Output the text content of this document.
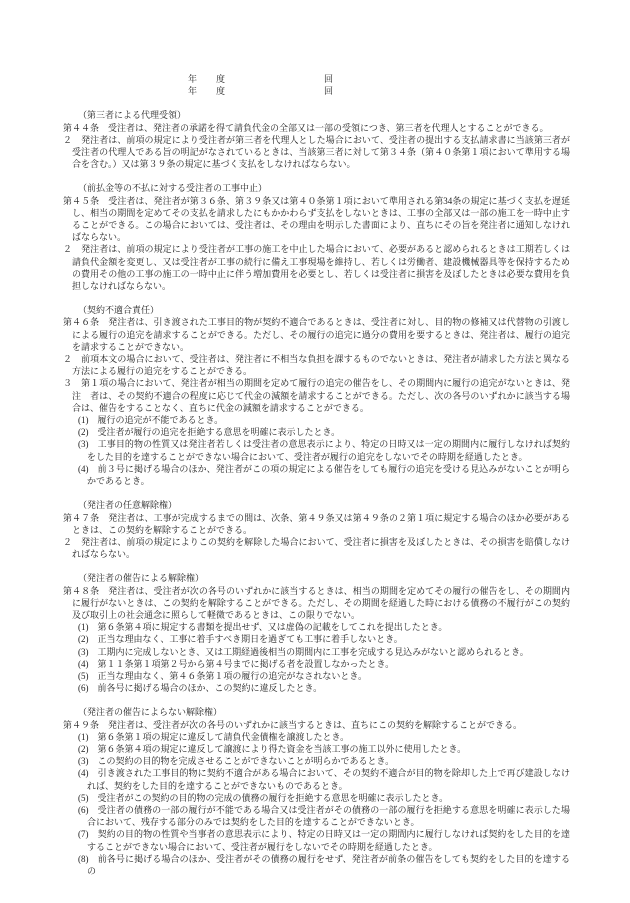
年 度	回
年 度	回
（第三者による代理受領）

第４４条　受注者は、発注者の承諾を得て請負代金の全部又は一部の受領につき、第三者を代理人とすることができる。

２　発注者は、前項の規定により受注者が第三者を代理人とした場合において、受注者の提出する支払請求書に当該第三者が受注者の代理人である旨の明記がなされているときは、当該第三者に対して第３４条（第４０条第１項において準用する場合を含む。）又は第３９条の規定に基づく支払をしなければならない。

（前払金等の不払に対する受注者の工事中止）

第４５条　受注者は、発注者が第３６条、第３９条又は第４０条第１項において準用される第34条の規定に基づく支払を遅延し、相当の期間を定めてその支払を請求したにもかかわらず支払をしないときは、工事の全部又は一部の施工を一時中止することができる。この場合においては、受注者は、その理由を明示した書面により、直ちにその旨を発注者に通知しなければならない。

２　発注者は、前項の規定により受注者が工事の施工を中止した場合において、必要があると認められるときは工期若しくは請負代金額を変更し、又は受注者が工事の続行に備え工事現場を維持し、若しくは労働者、建設機械器具等を保持するための費用その他の工事の施工の一時中止に伴う増加費用を必要とし、若しくは受注者に損害を及ぼしたときは必要な費用を負担しなければならない。

（契約不適合責任）

第４６条　発注者は、引き渡された工事目的物が契約不適合であるときは、受注者に対し、目的物の修補又は代替物の引渡しによる履行の追完を請求することができる。ただし、その履行の追完に過分の費用を要するときは、発注者は、履行の追完を請求することができない。

２　前項本文の場合において、受注者は、発注者に不相当な負担を課するものでないときは、発注者が請求した方法と異なる方法による履行の追完をすることができる。

３　第１項の場合において、発注者が相当の期間を定めて履行の追完の催告をし、その期間内に履行の追完がないときは、発注　者は、その契約不適合の程度に応じて代金の減額を請求することができる。ただし、次の各号のいずれかに該当する場合は、催告をすることなく、直ちに代金の減額を請求することができる。

(1)　履行の追完が不能であるとき。

(2)　受注者が履行の追完を拒絶する意思を明確に表示したとき。

(3)　工事目的物の性質又は発注者若しくは受注者の意思表示により、特定の日時又は一定の期間内に履行しなければ契約をした目的を達することができない場合において、受注者が履行の追完をしないでその時期を経過したとき。

(4)　前３号に掲げる場合のほか、発注者がこの項の規定による催告をしても履行の追完を受ける見込みがないことが明らかであるとき。

（発注者の任意解除権）

第４７条　発注者は、工事が完成するまでの間は、次条、第４９条又は第４９条の２第１項に規定する場合のほか必要があるときは、この契約を解除することができる。

２　発注者は、前項の規定によりこの契約を解除した場合において、受注者に損害を及ぼしたときは、その損害を賠償しなければならない。

（発注者の催告による解除権）

第４８条　発注者は、受注者が次の各号のいずれかに該当するときは、相当の期間を定めてその履行の催告をし、その期間内に履行がないときは、この契約を解除することができる。ただし、その期間を経過した時における債務の不履行がこの契約及び取引上の社会通念に照らして軽微であるときは、この限りでない。

(1)　第６条第４項に規定する書類を提出せず、又は虚偽の記載をしてこれを提出したとき。

(2)　正当な理由なく、工事に着手すべき期日を過ぎても工事に着手しないとき。

(3)　工期内に完成しないとき、又は工期経過後相当の期間内に工事を完成する見込みがないと認められるとき。

(4)　第１１条第１項第２号から第４号までに掲げる者を設置しなかったとき。

(5)　正当な理由なく、第４６条第１項の履行の追完がなされないとき。

(6)　前各号に掲げる場合のほか、この契約に違反したとき。

（発注者の催告によらない解除権）

第４９条　発注者は、受注者が次の各号のいずれかに該当するときは、直ちにこの契約を解除することができる。

(1)　第６条第１項の規定に違反して請負代金債権を譲渡したとき。

(2)　第６条第４項の規定に違反して譲渡により得た資金を当該工事の施工以外に使用したとき。

(3)　この契約の目的物を完成させることができないことが明らかであるとき。

(4)　引き渡された工事目的物に契約不適合がある場合において、その契約不適合が目的物を除却した上で再び建設しなければ、契約をした目的を達することができないものであるとき。

(5)　受注者がこの契約の目的物の完成の債務の履行を拒絶する意思を明確に表示したとき。

(6)　受注者の債務の一部の履行が不能である場合又は受注者がその債務の一部の履行を拒絶する意思を明確に表示した場合において、残存する部分のみでは契約をした目的を達することができないとき。

(7)　契約の目的物の性質や当事者の意思表示により、特定の日時又は一定の期間内に履行しなければ契約をした目的を達することができない場合において、受注者が履行をしないでその時期を経過したとき。

(8)　前各号に掲げる場合のほか、受注者がその債務の履行をせず、発注者が前条の催告をしても契約をした目的を達するの
